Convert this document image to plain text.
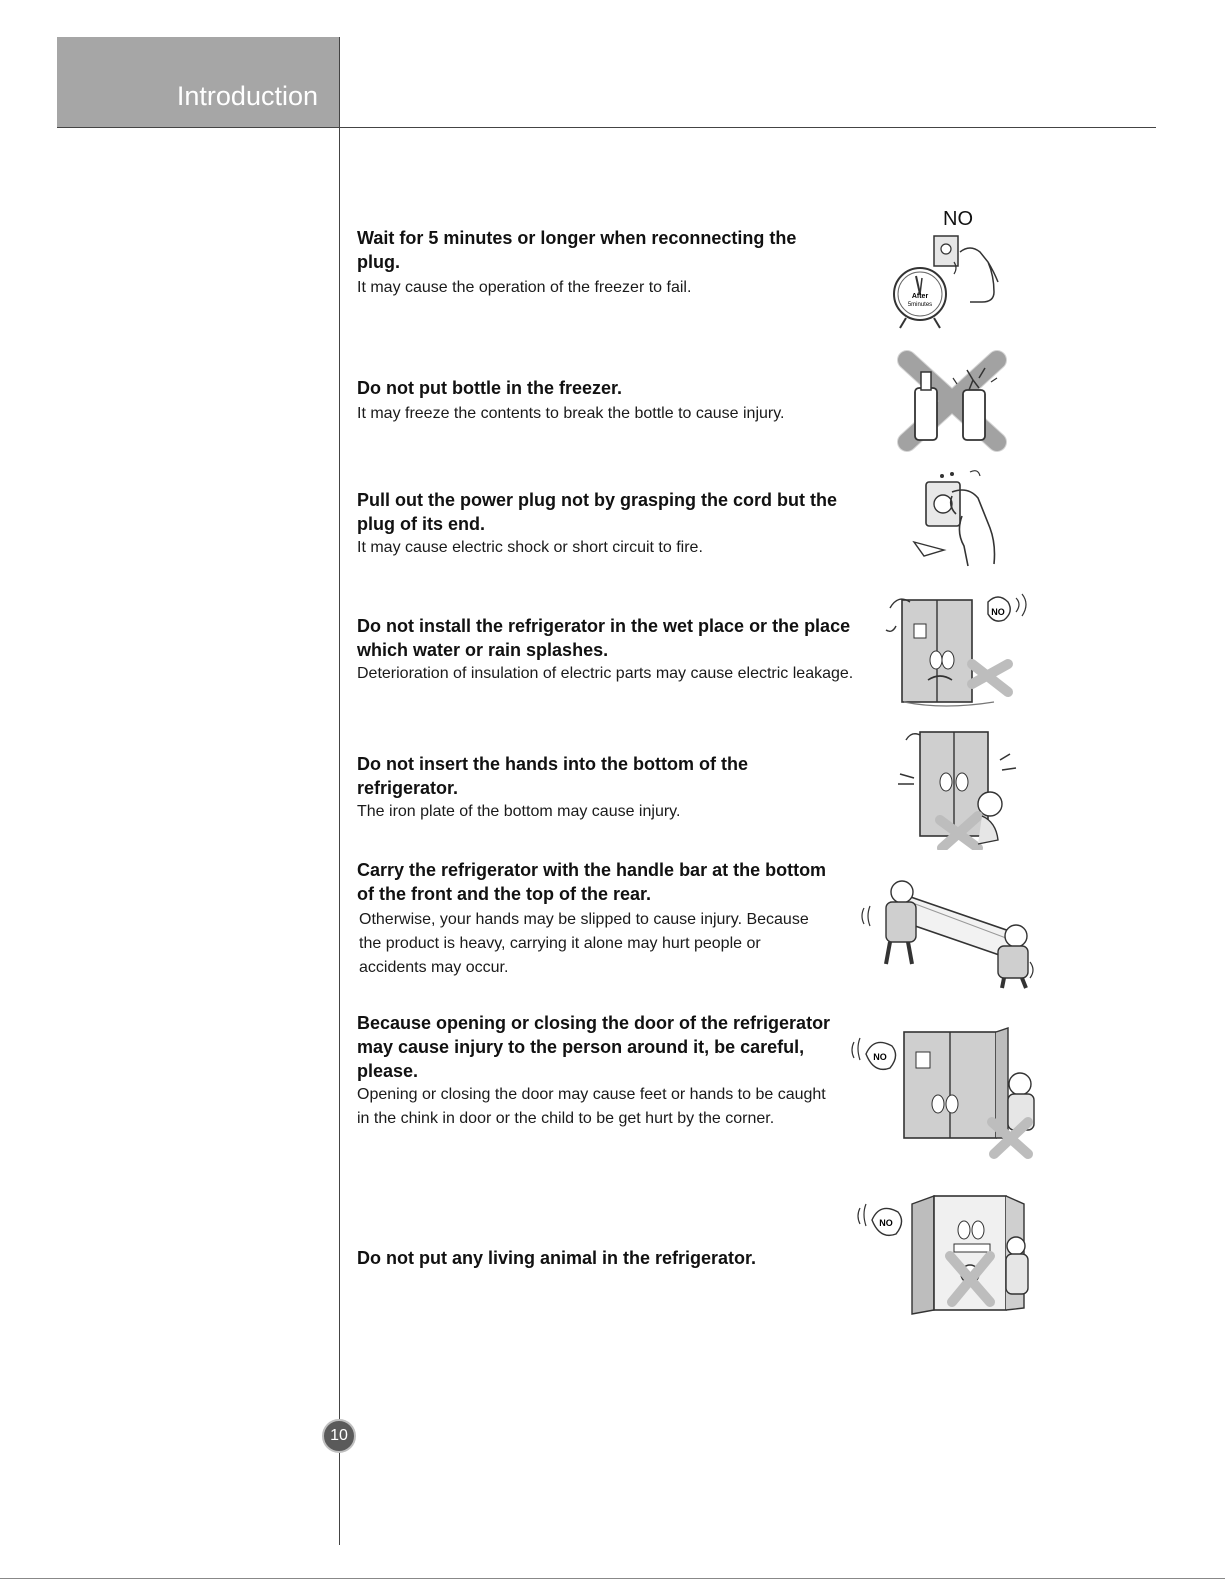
Introduction

Wait for 5 minutes or longer when reconnecting the plug.

It may cause the operation of the freezer to fail.

NO
After
5minutes

Do not put bottle in the freezer.

It may freeze the contents to break the bottle to cause injury.

Pull out the power plug not by grasping the cord but the plug of its end.

It may cause electric shock or short circuit to fire.

Do not install the refrigerator in the wet place or the place which water or rain splashes.

Deterioration of insulation of electric parts may cause electric leakage.

NO

Do not insert the hands into the bottom of the refrigerator.

The iron plate of the bottom may cause injury.

Carry the refrigerator with the handle bar at the bottom of the front and the top of the rear.

Otherwise, your hands may be slipped to cause injury. Because the product is heavy, carrying it alone may hurt people or accidents may occur.

Because opening or closing the door of the refrigerator may cause injury to the person around it, be careful, please.

Opening or closing the door may cause feet or hands to be caught in the chink in door or the child to be get hurt by the corner.

NO

Do not put any living animal in the refrigerator.

NO
10
